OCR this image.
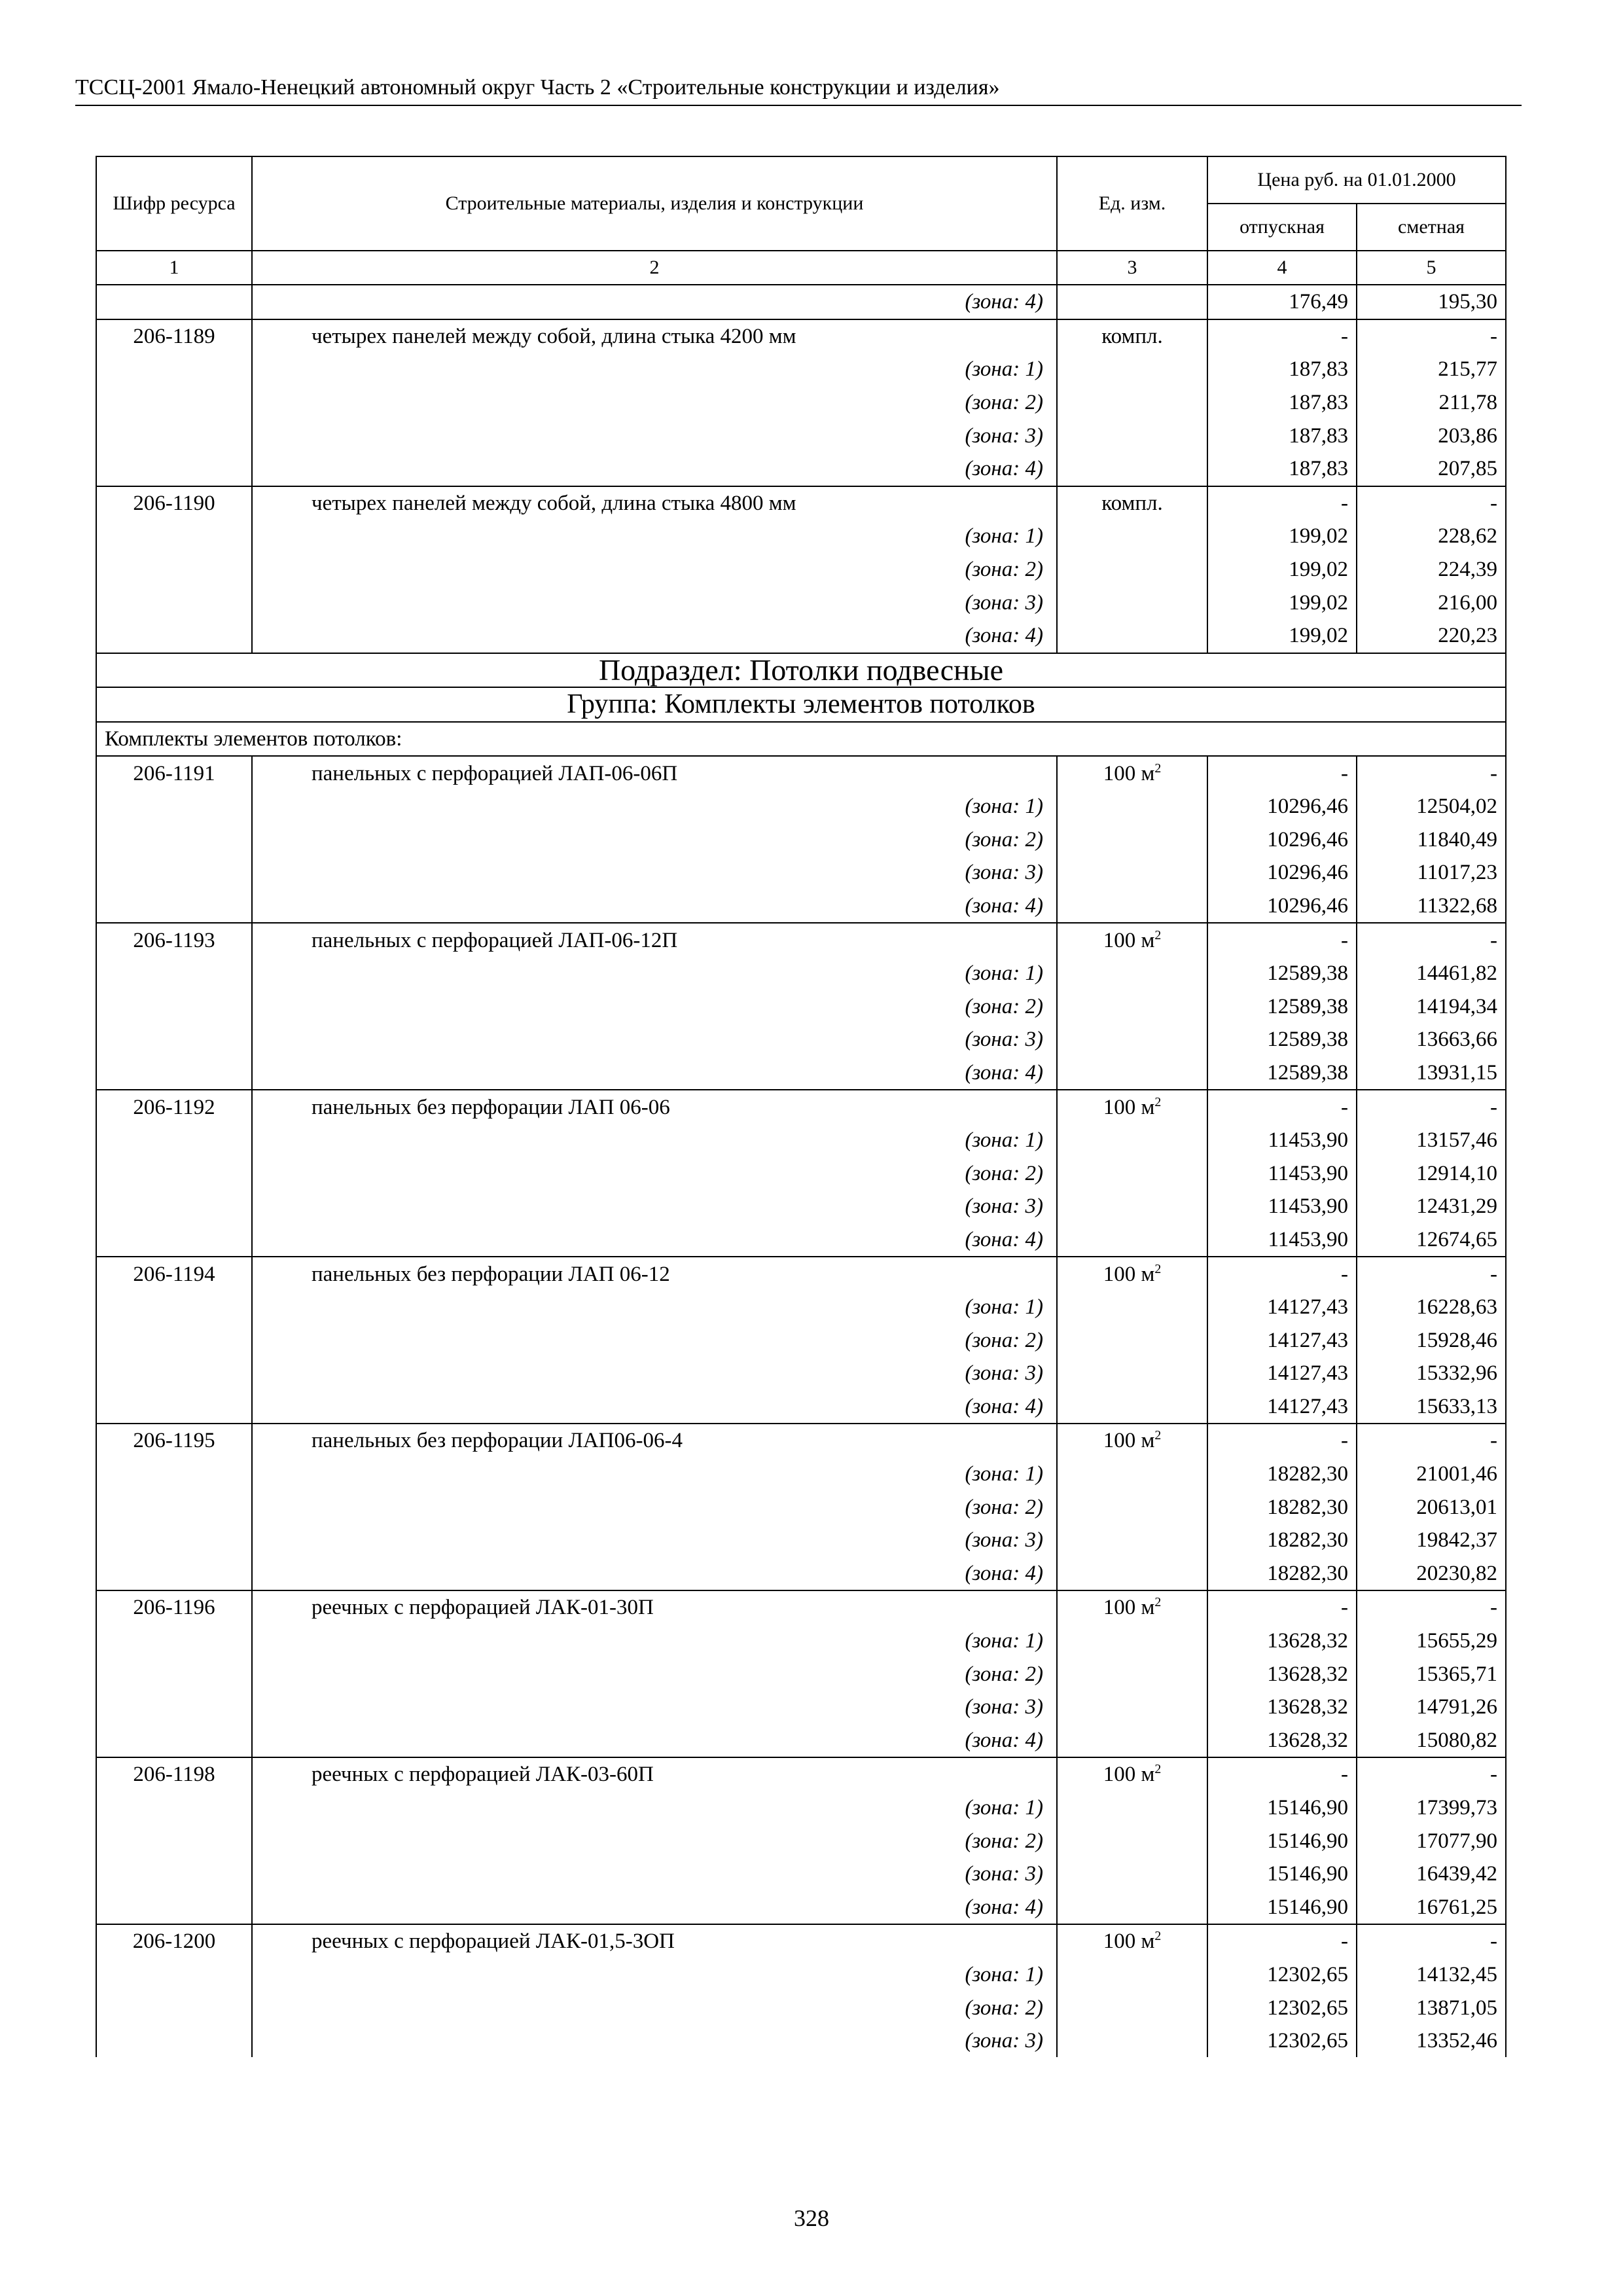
ТССЦ-2001 Ямало-Ненецкий автономный округ Часть 2 «Строительные конструкции и изделия»
Шифр ресурса	Строительные материалы, изделия и конструкции	Ед. изм.	Цена руб. на 01.01.2000	
			отпускная	сметная
1	2	3	4	5
	(зона: 4)		176,49	195,30
206-1189	четырех панелей между собой, длина стыка 4200 мм	компл.	-	-
	(зона: 1)		187,83	215,77
	(зона: 2)		187,83	211,78
	(зона: 3)		187,83	203,86
	(зона: 4)		187,83	207,85
206-1190	четырех панелей между собой, длина стыка 4800 мм	компл.	-	-
	(зона: 1)		199,02	228,62
	(зона: 2)		199,02	224,39
	(зона: 3)		199,02	216,00
	(зона: 4)		199,02	220,23
Подраздел: Потолки подвесные				
Группа: Комплекты элементов потолков				
Комплекты элементов потолков:				
206-1191	панельных с перфорацией ЛАП-06-06П	100 $м^2$	-	-
	(зона: 1)		10296,46	12504,02
	(зона: 2)		10296,46	11840,49
	(зона: 3)		10296,46	11017,23
	(зона: 4)		10296,46	11322,68
206-1193	панельных с перфорацией ЛАП-06-12П	100 $м^2$	-	-
	(зона: 1)		12589,38	14461,82
	(зона: 2)		12589,38	14194,34
	(зона: 3)		12589,38	13663,66
	(зона: 4)		12589,38	13931,15
206-1192	панельных без перфорации ЛАП 06-06	100 $м^2$	-	-
	(зона: 1)		11453,90	13157,46
	(зона: 2)		11453,90	12914,10
	(зона: 3)		11453,90	12431,29
	(зона: 4)		11453,90	12674,65
206-1194	панельных без перфорации ЛАП 06-12	100 $м^2$	-	-
	(зона: 1)		14127,43	16228,63
	(зона: 2)		14127,43	15928,46
	(зона: 3)		14127,43	15332,96
	(зона: 4)		14127,43	15633,13
206-1195	панельных без перфорации ЛАП06-06-4	100 $м^2$	-	-
	(зона: 1)		18282,30	21001,46
	(зона: 2)		18282,30	20613,01
	(зона: 3)		18282,30	19842,37
	(зона: 4)		18282,30	20230,82
206-1196	реечных с перфорацией ЛАК-01-30П	100 $м^2$	-	-
	(зона: 1)		13628,32	15655,29
	(зона: 2)		13628,32	15365,71
	(зона: 3)		13628,32	14791,26
	(зона: 4)		13628,32	15080,82
206-1198	реечных с перфорацией ЛАК-03-60П	100 $м^2$	-	-
	(зона: 1)		15146,90	17399,73
	(зона: 2)		15146,90	17077,90
	(зона: 3)		15146,90	16439,42
	(зона: 4)		15146,90	16761,25
206-1200	реечных с перфорацией ЛАК-01,5-3ОП	100 $м^2$	-	-
	(зона: 1)		12302,65	14132,45
	(зона: 2)		12302,65	13871,05
	(зона: 3)		12302,65	13352,46
328
